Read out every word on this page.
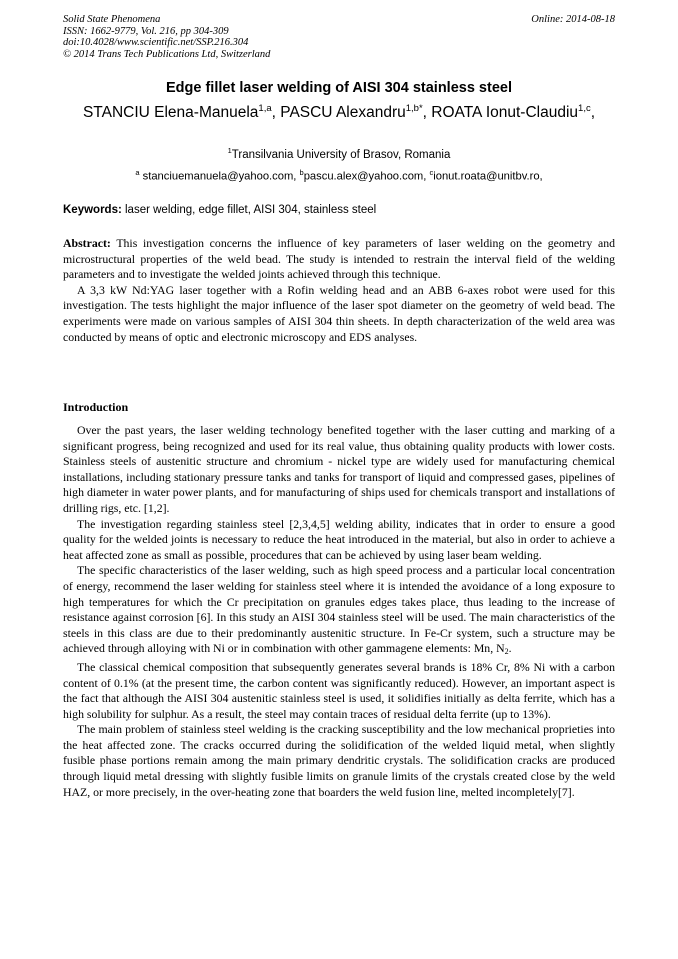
Solid State Phenomena
ISSN: 1662-9779, Vol. 216, pp 304-309
doi:10.4028/www.scientific.net/SSP.216.304
© 2014 Trans Tech Publications Ltd, Switzerland
Online: 2014-08-18
Edge fillet laser welding of AISI 304 stainless steel
STANCIU Elena-Manuela$^{1,a}$, PASCU Alexandru$^{1,b*}$, ROATA Ionut-Claudiu$^{1,c}$,
$^1$Transilvania University of Brasov, Romania
$^a$ stanciuemanuela@yahoo.com, $^b$pascu.alex@yahoo.com, $^c$ionut.roata@unitbv.ro,
Keywords: laser welding, edge fillet, AISI 304, stainless steel

Abstract: This investigation concerns the influence of key parameters of laser welding on the geometry and microstructural properties of the weld bead. The study is intended to restrain the interval field of the welding parameters and to investigate the welded joints achieved through this technique.

A 3,3 kW Nd:YAG laser together with a Rofin welding head and an ABB 6-axes robot were used for this investigation. The tests highlight the major influence of the laser spot diameter on the geometry of weld bead. The experiments were made on various samples of AISI 304 thin sheets. In depth characterization of the weld area was conducted by means of optic and electronic microscopy and EDS analyses.

Introduction

Over the past years, the laser welding technology benefited together with the laser cutting and marking of a significant progress, being recognized and used for its real value, thus obtaining quality products with lower costs. Stainless steels of austenitic structure and chromium - nickel type are widely used for manufacturing chemical installations, including stationary pressure tanks and tanks for transport of liquid and compressed gases, pipelines of high diameter in water power plants, and for manufacturing of ships used for chemicals transport and installations of drilling rigs, etc. [1,2].

The investigation regarding stainless steel [2,3,4,5] welding ability, indicates that in order to ensure a good quality for the welded joints is necessary to reduce the heat introduced in the material, but also in order to achieve a heat affected zone as small as possible, procedures that can be achieved by using laser beam welding.

The specific characteristics of the laser welding, such as high speed process and a particular local concentration of energy, recommend the laser welding for stainless steel where it is intended the avoidance of a long exposure to high temperatures for which the Cr precipitation on granules edges takes place, thus leading to the increase of resistance against corrosion [6]. In this study an AISI 304 stainless steel will be used. The main characteristics of the steels in this class are due to their predominantly austenitic structure. In Fe-Cr system, such a structure may be achieved through alloying with Ni or in combination with other gammagene elements: Mn, N2.

The classical chemical composition that subsequently generates several brands is 18% Cr, 8% Ni with a carbon content of 0.1% (at the present time, the carbon content was significantly reduced). However, an important aspect is the fact that although the AISI 304 austenitic stainless steel is used, it solidifies initially as delta ferrite, which has a high solubility for sulphur. As a result, the steel may contain traces of residual delta ferrite (up to 13%).

The main problem of stainless steel welding is the cracking susceptibility and the low mechanical proprieties into the heat affected zone. The cracks occurred during the solidification of the welded liquid metal, when slightly fusible phase portions remain among the main primary dendritic crystals. The solidification cracks are produced through liquid metal dressing with slightly fusible limits on granule limits of the crystals created close by the weld HAZ, or more precisely, in the over-heating zone that boarders the weld fusion line, melted incompletely[7].
